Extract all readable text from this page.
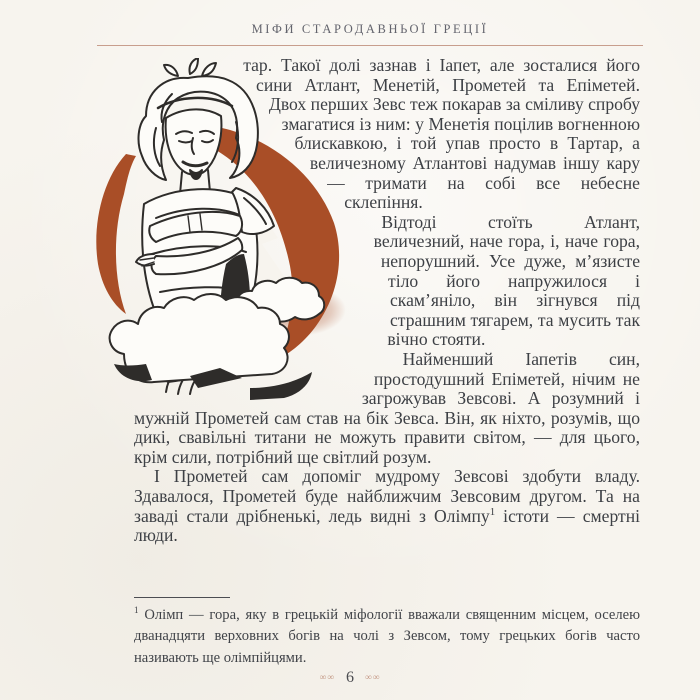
МІФИ СТАРОДАВНЬОЇ ГРЕЦІЇ

тар. Такої долі зазнав і Іапет, але зосталися його сини Атлант, Менетій, Прометей та Епіметей. Двох перших Зевс теж покарав за сміливу спробу змагатися із ним: у Менетія поцілив вогненною блискавкою, і той упав просто в Тартар, а величезному Атлантові надумав іншу кару — тримати на собі все небесне склепіння.

Відтоді стоїть Атлант, величезний, наче гора, і, наче гора, непорушний. Усе дуже, м’язисте тіло його напружилося і скам’яніло, він зігнувся під страшним тягарем, та мусить так вічно стояти.

Найменший Іапетів син, простодушний Епіметей, нічим не загрожував Зевсові. А розумний і мужній Прометей сам став на бік Зевса. Він, як ніхто, розумів, що дикі, свавільні титани не можуть правити світом, — для цього, крім сили, потрібний ще світлий розум.

І Прометей сам допоміг мудрому Зевсові здобути владу. Здавалося, Прометей буде найближчим Зевсовим другом. Та на заваді стали дрібненькі, ледь видні з Олімпу$^1$ істоти — смертні люди.

$^1$ Олімп — гора, яку в грецькій міфології вважали священним місцем, оселею дванадцяти верховних богів на чолі з Зевсом, тому грецьких богів часто називають ще олімпійцями.

∞∞ 6 ∞∞
